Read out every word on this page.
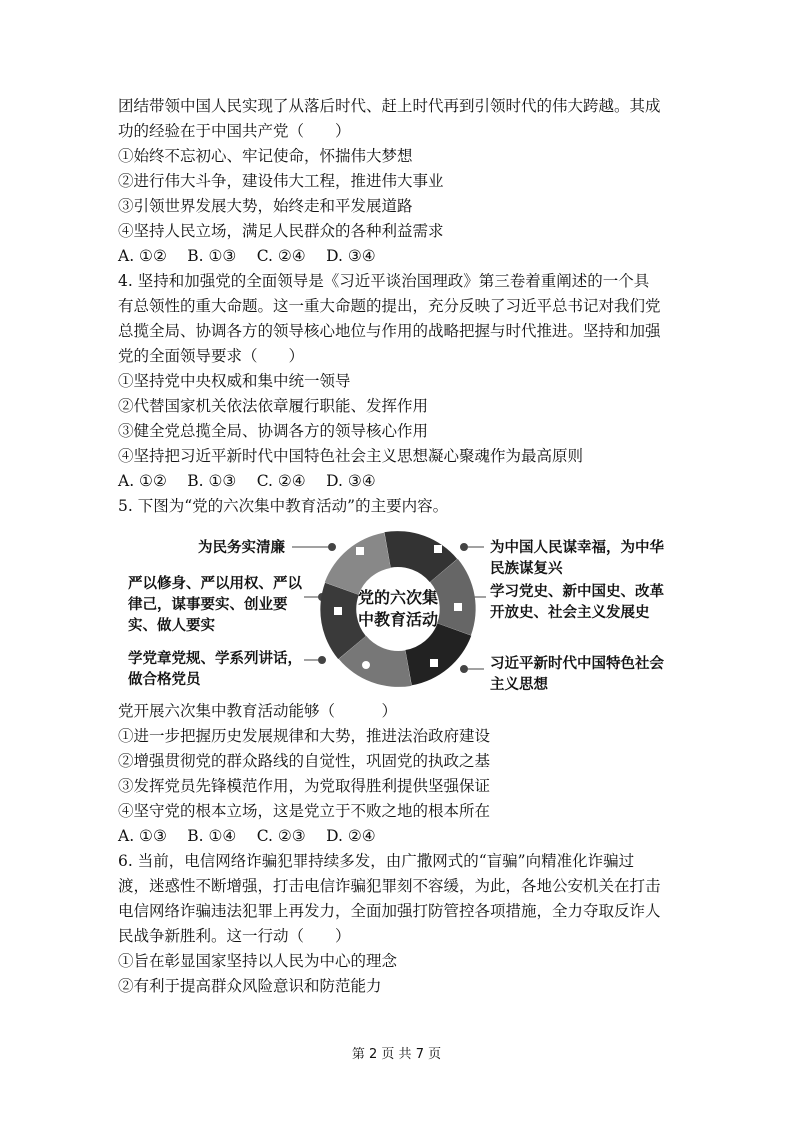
团结带领中国人民实现了从落后时代、赶上时代再到引领时代的伟大跨越。其成
功的经验在于中国共产党（　　）
①始终不忘初心、牢记使命，怀揣伟大梦想
②进行伟大斗争，建设伟大工程，推进伟大事业
③引领世界发展大势，始终走和平发展道路
④坚持人民立场，满足人民群众的各种利益需求
A. ①②　 B. ①③　 C. ②④　 D. ③④
4. 坚持和加强党的全面领导是《习近平谈治国理政》第三卷着重阐述的一个具
有总领性的重大命题。这一重大命题的提出，充分反映了习近平总书记对我们党
总揽全局、协调各方的领导核心地位与作用的战略把握与时代推进。坚持和加强
党的全面领导要求（　　）
①坚持党中央权威和集中统一领导
②代替国家机关依法依章履行职能、发挥作用
③健全党总揽全局、协调各方的领导核心作用
④坚持把习近平新时代中国特色社会主义思想凝心聚魂作为最高原则
A. ①②　 B. ①③　 C. ②④　 D. ③④
5. 下图为“党的六次集中教育活动”的主要内容。
为民务实清廉
严以修身、严以用权、严以律己，谋事要实、创业要实、做人要实
学党章党规、学系列讲话，做合格党员
为中国人民谋幸福，为中华民族谋复兴
学习党史、新中国史、改革开放史、社会主义发展史
习近平新时代中国特色社会主义思想
党的六次集
中教育活动
党开展六次集中教育活动能够（　　　）
①进一步把握历史发展规律和大势，推进法治政府建设
②增强贯彻党的群众路线的自觉性，巩固党的执政之基
③发挥党员先锋模范作用，为党取得胜利提供坚强保证
④坚守党的根本立场，这是党立于不败之地的根本所在
A. ①③　 B. ①④　 C. ②③　 D. ②④
6. 当前，电信网络诈骗犯罪持续多发，由广撒网式的“盲骗”向精准化诈骗过
渡，迷惑性不断增强，打击电信诈骗犯罪刻不容缓，为此，各地公安机关在打击
电信网络诈骗违法犯罪上再发力，全面加强打防管控各项措施，全力夺取反诈人
民战争新胜利。这一行动（　　）
①旨在彰显国家坚持以人民为中心的理念
②有利于提高群众风险意识和防范能力
第 2 页 共 7 页
